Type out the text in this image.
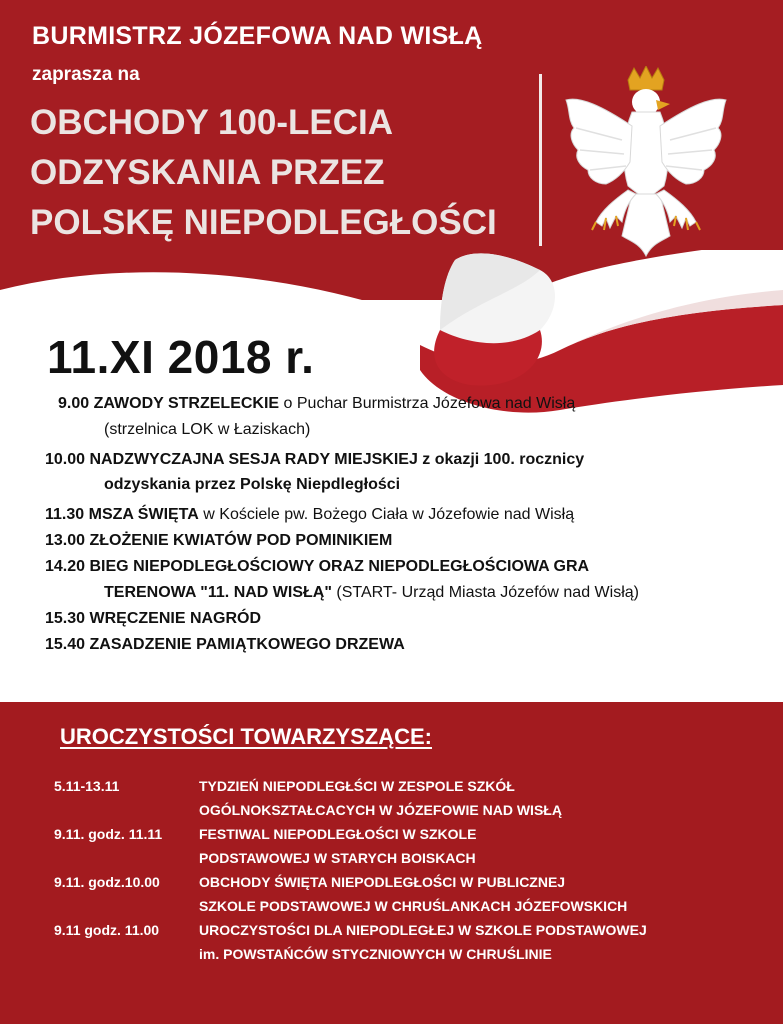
BURMISTRZ JÓZEFOWA NAD WISŁĄ
zaprasza na
OBCHODY 100-LECIA
ODZYSKANIA PRZEZ
POLSKĘ NIEPODLEGŁOŚCI
11.XI 2018 r.
9.00 ZAWODY STRZELECKIE o Puchar Burmistrza Józefowa nad Wisłą
(strzelnica LOK w Łaziskach)
10.00 NADZWYCZAJNA SESJA RADY MIEJSKIEJ z okazji 100. rocznicy
odzyskania przez Polskę Niepdległości
11.30 MSZA ŚWIĘTA w Kościele pw. Bożego Ciała w Józefowie nad Wisłą
13.00 ZŁOŻENIE KWIATÓW POD POMINIKIEM
14.20 BIEG NIEPODLEGŁOŚCIOWY ORAZ NIEPODLEGŁOŚCIOWA GRA
TERENOWA "11. NAD WISŁĄ" (START- Urząd Miasta Józefów nad Wisłą)
15.30 WRĘCZENIE NAGRÓD
15.40 ZASADZENIE PAMIĄTKOWEGO DRZEWA
UROCZYSTOŚCI TOWARZYSZĄCE:
5.11-13.11	TYDZIEŃ NIEPODLEGŁŚCI W ZESPOLE SZKÓŁ
OGÓLNOKSZTAŁCACYCH W JÓZEFOWIE NAD WISŁĄ
9.11. godz. 11.11	FESTIWAL NIEPODLEGŁOŚCI W SZKOLE
PODSTAWOWEJ W STARYCH BOISKACH
9.11. godz.10.00	OBCHODY ŚWIĘTA NIEPODLEGŁOŚCI W PUBLICZNEJ
SZKOLE PODSTAWOWEJ W CHRUŚLANKACH JÓZEFOWSKICH
9.11 godz. 11.00	UROCZYSTOŚCI DLA NIEPODLEGŁEJ W SZKOLE PODSTAWOWEJ
im. POWSTAŃCÓW STYCZNIOWYCH W CHRUŚLINIE
